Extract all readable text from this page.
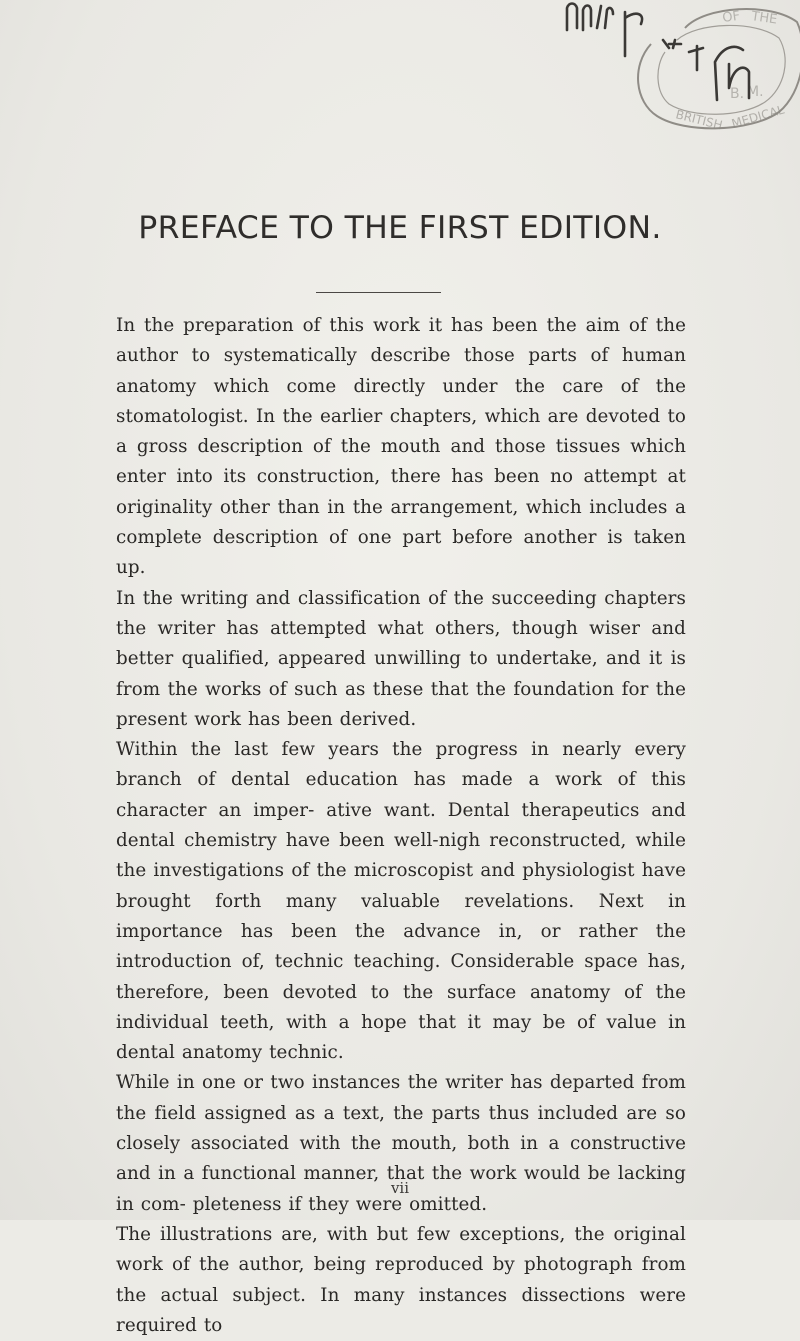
OF THE
BRITISH MEDICAL
B. M.
PREFACE TO THE FIRST EDITION.

In the preparation of this work it has been the aim of the author to systematically describe those parts of human anatomy which come directly under the care of the stomatologist. In the earlier chapters, which are devoted to a gross description of the mouth and those tissues which enter into its construction, there has been no attempt at originality other than in the arrangement, which includes a complete description of one part before another is taken up.

In the writing and classification of the succeeding chapters the writer has attempted what others, though wiser and better qualified, appeared unwilling to undertake, and it is from the works of such as these that the foundation for the present work has been derived.

Within the last few years the progress in nearly every branch of dental education has made a work of this character an imper- ative want. Dental therapeutics and dental chemistry have been well-nigh reconstructed, while the investigations of the microscopist and physiologist have brought forth many valuable revelations. Next in importance has been the advance in, or rather the introduction of, technic teaching. Considerable space has, therefore, been devoted to the surface anatomy of the individual teeth, with a hope that it may be of value in dental anatomy technic.

While in one or two instances the writer has departed from the field assigned as a text, the parts thus included are so closely associated with the mouth, both in a constructive and in a functional manner, that the work would be lacking in com- pleteness if they were omitted.

The illustrations are, with but few exceptions, the original work of the author, being reproduced by photograph from the actual subject. In many instances dissections were required to

vii
